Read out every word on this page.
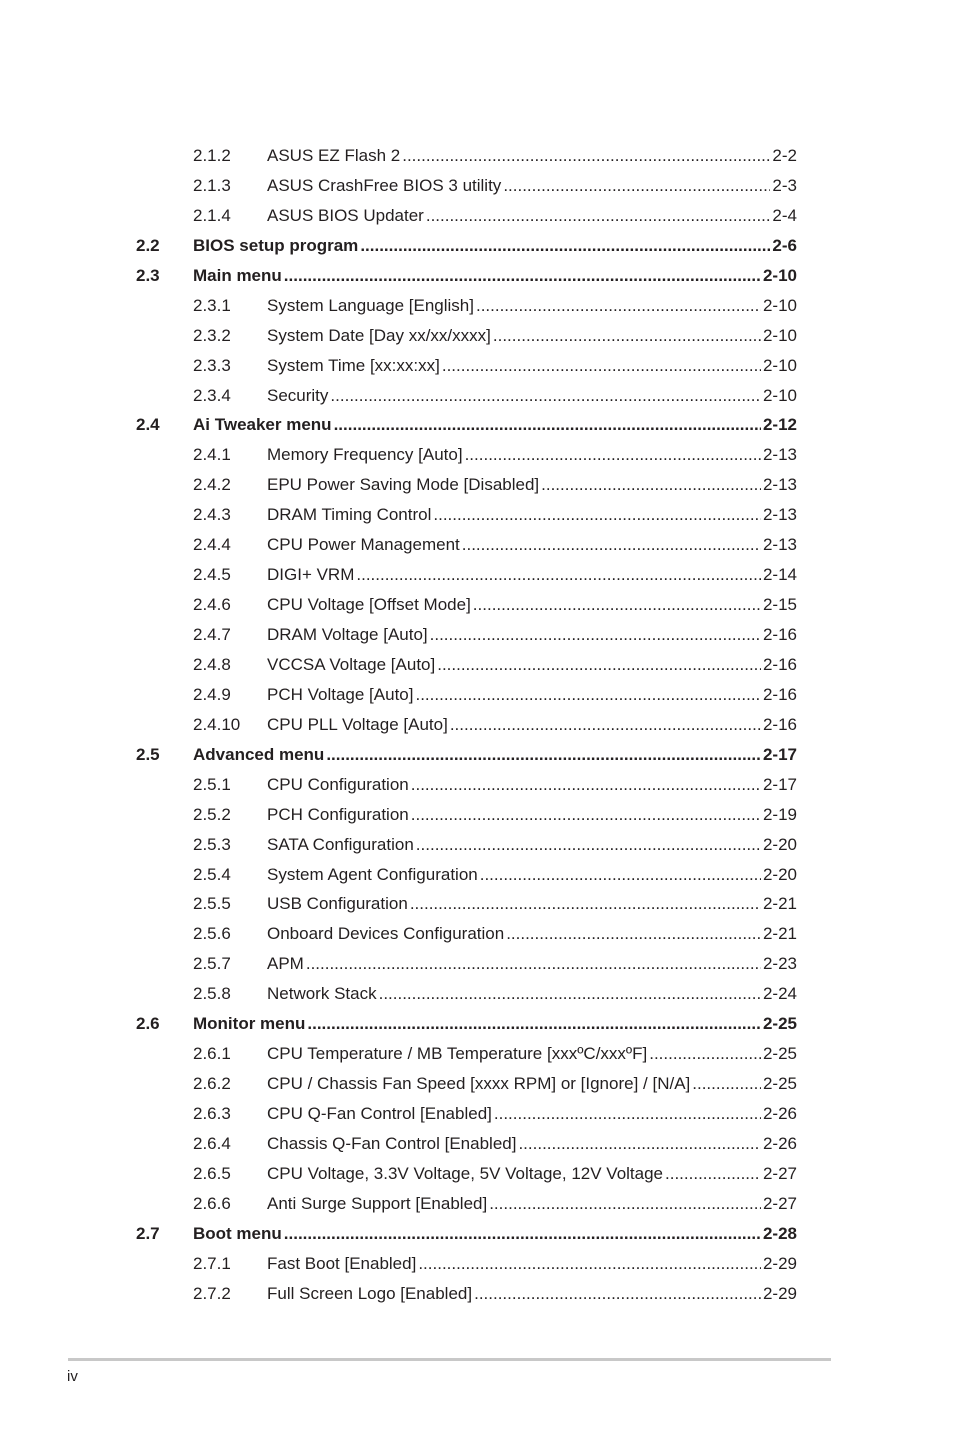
2.1.2 ASUS EZ Flash 2 .....	2-2
2.1.3 ASUS CrashFree BIOS 3 utility .....	2-3
2.1.4 ASUS BIOS Updater .....	2-4
2.2 BIOS setup program .....	2-6
2.3 Main menu .....	2-10
2.3.1 System Language [English] .....	2-10
2.3.2 System Date [Day xx/xx/xxxx] .....	2-10
2.3.3 System Time [xx:xx:xx] .....	2-10
2.3.4 Security .....	2-10
2.4 Ai Tweaker menu .....	2-12
2.4.1 Memory Frequency [Auto] .....	2-13
2.4.2 EPU Power Saving Mode [Disabled] .....	2-13
2.4.3 DRAM Timing Control .....	2-13
2.4.4 CPU Power Management .....	2-13
2.4.5 DIGI+ VRM .....	2-14
2.4.6 CPU Voltage [Offset Mode] .....	2-15
2.4.7 DRAM Voltage [Auto] .....	2-16
2.4.8 VCCSA Voltage [Auto] .....	2-16
2.4.9 PCH Voltage [Auto] .....	2-16
2.4.10 CPU PLL Voltage [Auto] .....	2-16
2.5 Advanced menu .....	2-17
2.5.1 CPU Configuration .....	2-17
2.5.2 PCH Configuration .....	2-19
2.5.3 SATA Configuration .....	2-20
2.5.4 System Agent Configuration .....	2-20
2.5.5 USB Configuration .....	2-21
2.5.6 Onboard Devices Configuration .....	2-21
2.5.7 APM .....	2-23
2.5.8 Network Stack .....	2-24
2.6 Monitor menu .....	2-25
2.6.1 CPU Temperature / MB Temperature [xxxºC/xxxºF] .....	2-25
2.6.2 CPU / Chassis Fan Speed [xxxx RPM] or [Ignore] / [N/A] .....	2-25
2.6.3 CPU Q-Fan Control [Enabled] .....	2-26
2.6.4 Chassis Q-Fan Control [Enabled] .....	2-26
2.6.5 CPU Voltage, 3.3V Voltage, 5V Voltage, 12V Voltage .....	2-27
2.6.6 Anti Surge Support [Enabled] .....	2-27
2.7 Boot menu .....	2-28
2.7.1 Fast Boot [Enabled] .....	2-29
2.7.2 Full Screen Logo [Enabled] .....	2-29
iv
